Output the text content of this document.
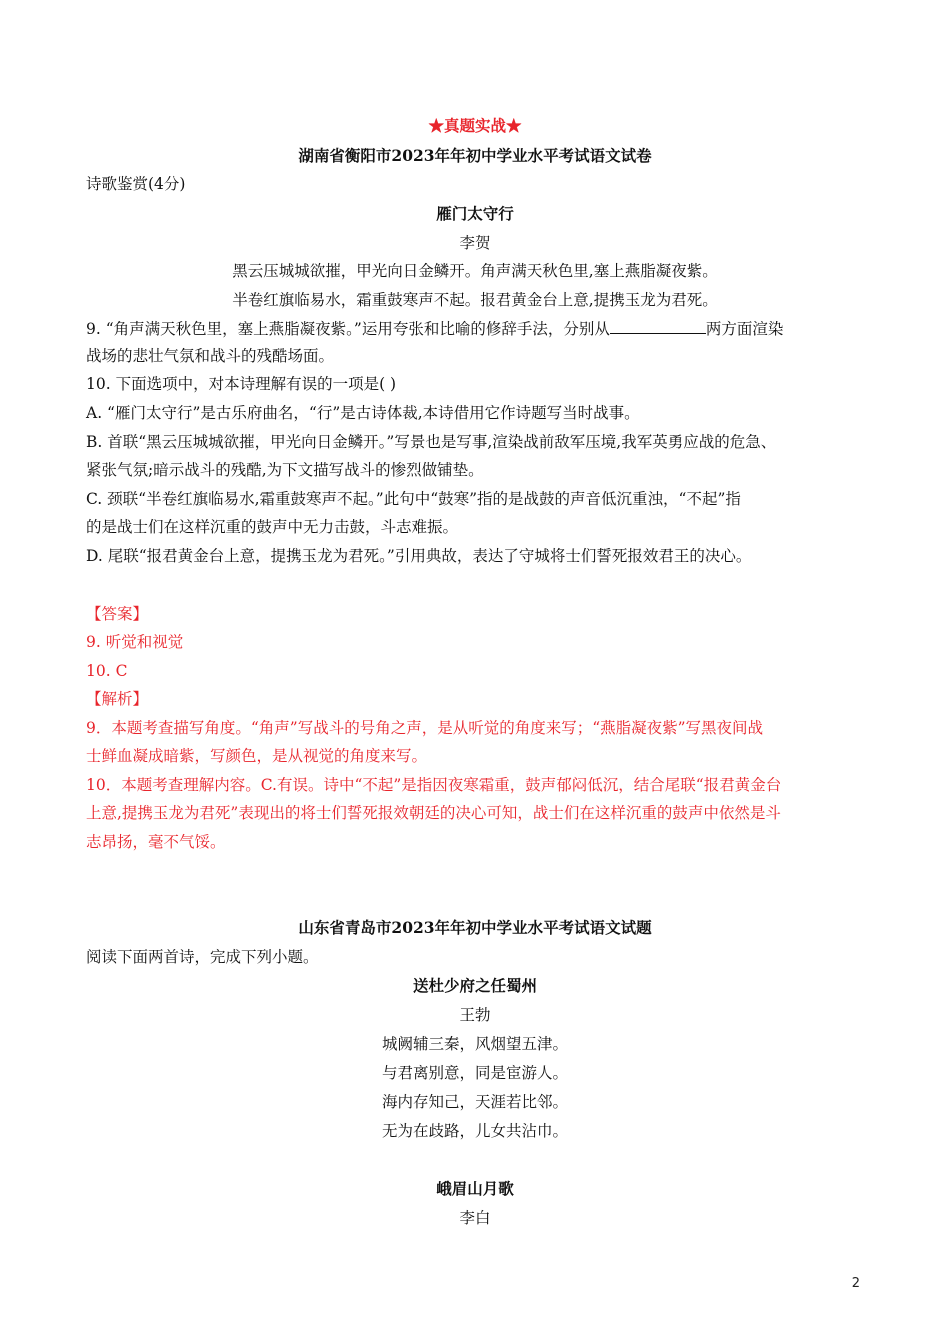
★真题实战★
湖南省衡阳市2023年年初中学业水平考试语文试卷
诗歌鉴赏(4分)
雁门太守行
李贺
黑云压城城欲摧，甲光向日金鳞开。角声满天秋色里,塞上燕脂凝夜紫。
半卷红旗临易水，霜重鼓寒声不起。报君黄金台上意,提携玉龙为君死。
9. “角声满天秋色里，塞上燕脂凝夜紫。”运用夸张和比喻的修辞手法，分别从	两方面渲染
战场的悲壮气氛和战斗的残酷场面。
10. 下面选项中，对本诗理解有误的一项是( )
A. “雁门太守行”是古乐府曲名，“行”是古诗体裁,本诗借用它作诗题写当时战事。
B. 首联“黑云压城城欲摧，甲光向日金鳞开。”写景也是写事,渲染战前敌军压境,我军英勇应战的危急、
紧张气氛;暗示战斗的残酷,为下文描写战斗的惨烈做铺垫。
C. 颈联“半卷红旗临易水,霜重鼓寒声不起。”此句中“鼓寒”指的是战鼓的声音低沉重浊，“不起”指
的是战士们在这样沉重的鼓声中无力击鼓，斗志难振。
D. 尾联“报君黄金台上意，提携玉龙为君死。”引用典故，表达了守城将士们誓死报效君王的决心。
【答案】
9. 听觉和视觉
10. C
【解析】
9．本题考查描写角度。“角声”写战斗的号角之声，是从听觉的角度来写；“燕脂凝夜紫”写黑夜间战
士鲜血凝成暗紫，写颜色，是从视觉的角度来写。
10．本题考查理解内容。C.有误。诗中“不起”是指因夜寒霜重，鼓声郁闷低沉，结合尾联“报君黄金台
上意,提携玉龙为君死”表现出的将士们誓死报效朝廷的决心可知，战士们在这样沉重的鼓声中依然是斗
志昂扬，毫不气馁。
山东省青岛市2023年年初中学业水平考试语文试题
阅读下面两首诗，完成下列小题。
送杜少府之任蜀州
王勃
城阙辅三秦，风烟望五津。
与君离别意，同是宦游人。
海内存知己，天涯若比邻。
无为在歧路，儿女共沾巾。
峨眉山月歌
李白
2
